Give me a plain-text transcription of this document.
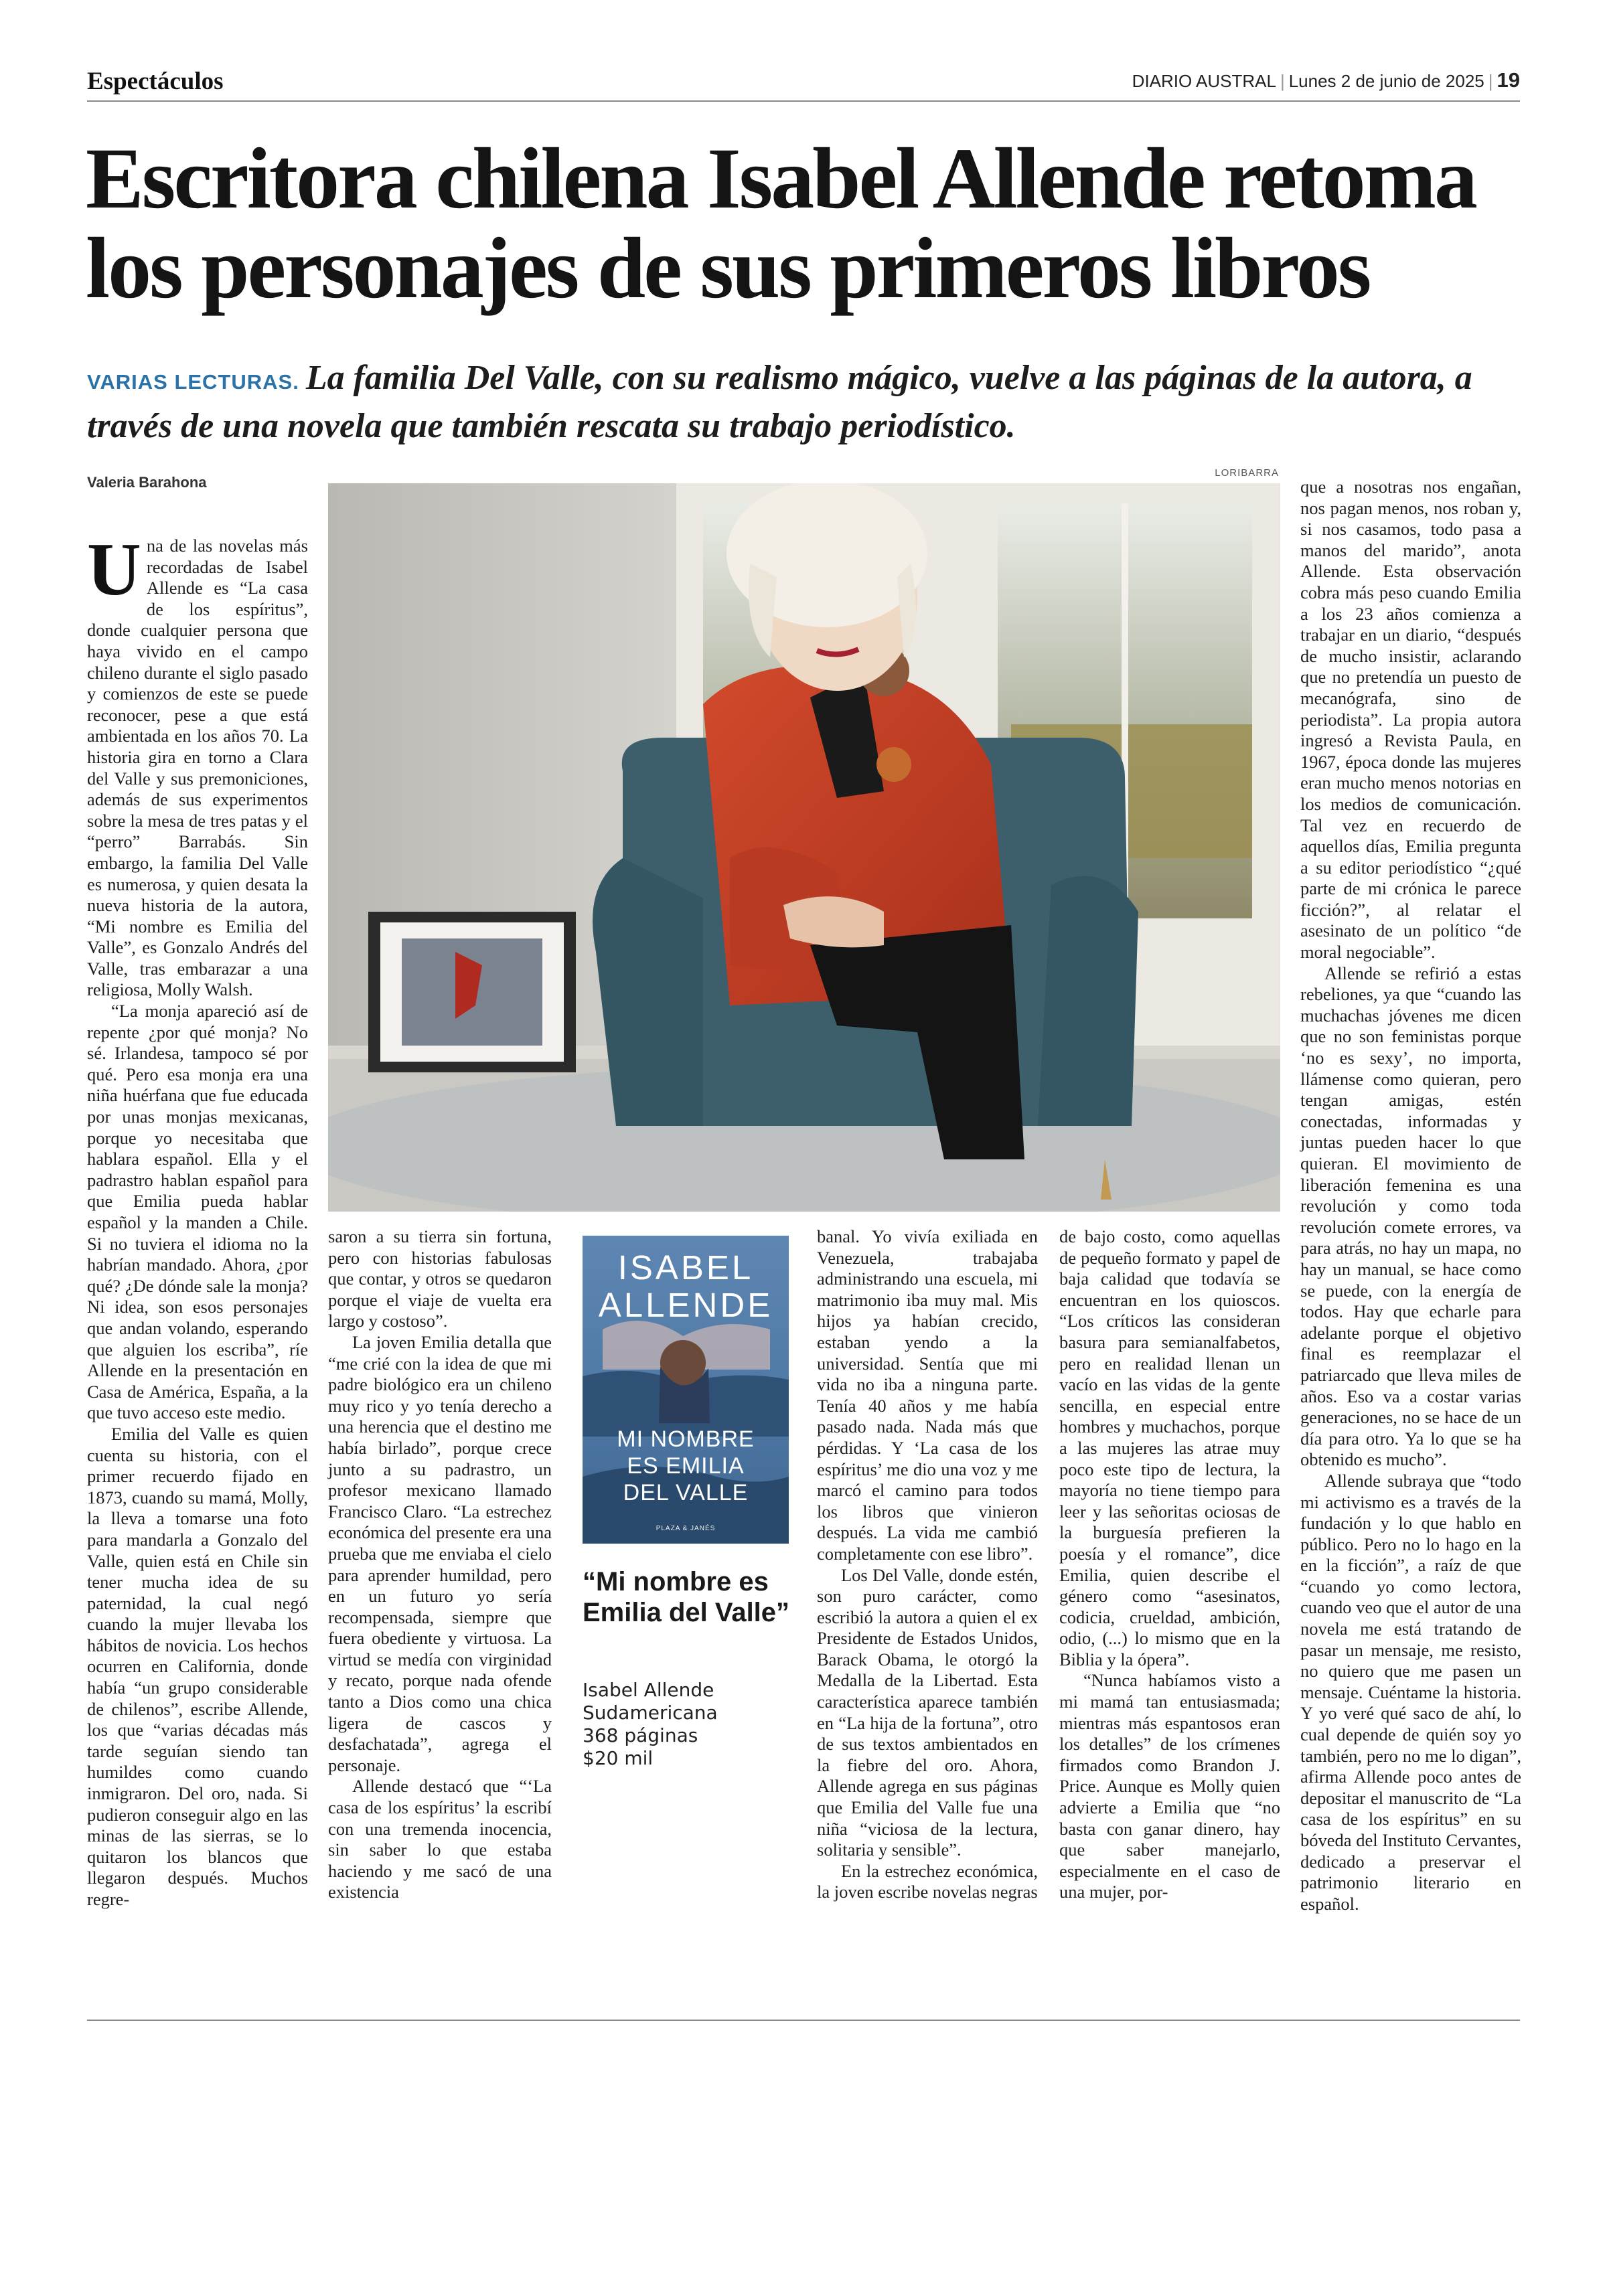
Espectáculos	DIARIO AUSTRAL | Lunes 2 de junio de 2025 | 19
Escritora chilena Isabel Allende retoma
los personajes de sus primeros libros
VARIAS LECTURAS. La familia Del Valle, con su realismo mágico, vuelve a las páginas de la autora, a través de una novela que también rescata su trabajo periodístico.
Valeria Barahona
LORIBARRA

Una de las novelas más recordadas de Isabel Allende es “La casa de los espíritus”, donde cualquier persona que haya vivido en el campo chileno durante el siglo pasado y comienzos de este se puede reconocer, pese a que está ambientada en los años 70. La historia gira en torno a Clara del Valle y sus premoniciones, además de sus experimentos sobre la mesa de tres patas y el “perro” Barrabás. Sin embargo, la familia Del Valle es numerosa, y quien desata la nueva historia de la autora, “Mi nombre es Emilia del Valle”, es Gonzalo Andrés del Valle, tras embarazar a una religiosa, Molly Walsh.

“La monja apareció así de repente ¿por qué monja? No sé. Irlandesa, tampoco sé por qué. Pero esa monja era una niña huérfana que fue educada por unas monjas mexicanas, porque yo necesitaba que hablara español. Ella y el padrastro hablan español para que Emilia pueda hablar español y la manden a Chile. Si no tuviera el idioma no la habrían mandado. Ahora, ¿por qué? ¿De dónde sale la monja? Ni idea, son esos personajes que andan volando, esperando que alguien los escriba”, ríe Allende en la presentación en Casa de América, España, a la que tuvo acceso este medio.

Emilia del Valle es quien cuenta su historia, con el primer recuerdo fijado en 1873, cuando su mamá, Molly, la lleva a tomarse una foto para mandarla a Gonzalo del Valle, quien está en Chile sin tener mucha idea de su paternidad, la cual negó cuando la mujer llevaba los hábitos de novicia. Los hechos ocurren en California, donde había “un grupo considerable de chilenos”, escribe Allende, los que “varias décadas más tarde seguían siendo tan humildes como cuando inmigraron. Del oro, nada. Si pudieron conseguir algo en las minas de las sierras, se lo quitaron los blancos que llegaron después. Muchos regre-

saron a su tierra sin fortuna, pero con historias fabulosas que contar, y otros se quedaron porque el viaje de vuelta era largo y costoso”.

La joven Emilia detalla que “me crié con la idea de que mi padre biológico era un chileno muy rico y yo tenía derecho a una herencia que el destino me había birlado”, porque crece junto a su padrastro, un profesor mexicano llamado Francisco Claro. “La estrechez económica del presente era una prueba que me enviaba el cielo para aprender humildad, pero en un futuro yo sería recompensada, siempre que fuera obediente y virtuosa. La virtud se medía con virginidad y recato, porque nada ofende tanto a Dios como una chica ligera de cascos y desfachatada”, agrega el personaje.

Allende destacó que “‘La casa de los espíritus’ la escribí con una tremenda inocencia, sin saber lo que estaba haciendo y me sacó de una existencia

ISABEL
ALLENDE
MI NOMBRE
ES EMILIA
DEL VALLE
PLAZA & JANÉS
“Mi nombre es Emilia del Valle”
Isabel Allende
Sudamericana
368 páginas
$20 mil

banal. Yo vivía exiliada en Venezuela, trabajaba administrando una escuela, mi matrimonio iba muy mal. Mis hijos ya habían crecido, estaban yendo a la universidad. Sentía que mi vida no iba a ninguna parte. Tenía 40 años y me había pasado nada. Nada más que pérdidas. Y ‘La casa de los espíritus’ me dio una voz y me marcó el camino para todos los libros que vinieron después. La vida me cambió completamente con ese libro”.

Los Del Valle, donde estén, son puro carácter, como escribió la autora a quien el ex Presidente de Estados Unidos, Barack Obama, le otorgó la Medalla de la Libertad. Esta característica aparece también en “La hija de la fortuna”, otro de sus textos ambientados en la fiebre del oro. Ahora, Allende agrega en sus páginas que Emilia del Valle fue una niña “viciosa de la lectura, solitaria y sensible”.

En la estrechez económica, la joven escribe novelas negras

de bajo costo, como aquellas de pequeño formato y papel de baja calidad que todavía se encuentran en los quioscos. “Los críticos las consideran basura para semianalfabetos, pero en realidad llenan un vacío en las vidas de la gente sencilla, en especial entre hombres y muchachos, porque a las mujeres las atrae muy poco este tipo de lectura, la mayoría no tiene tiempo para leer y las señoritas ociosas de la burguesía prefieren la poesía y el romance”, dice Emilia, quien describe el género como “asesinatos, codicia, crueldad, ambición, odio, (...) lo mismo que en la Biblia y la ópera”.

“Nunca habíamos visto a mi mamá tan entusiasmada; mientras más espantosos eran los detalles” de los crímenes firmados como Brandon J. Price. Aunque es Molly quien advierte a Emilia que “no basta con ganar dinero, hay que saber manejarlo, especialmente en el caso de una mujer, por-

que a nosotras nos engañan, nos pagan menos, nos roban y, si nos casamos, todo pasa a manos del marido”, anota Allende. Esta observación cobra más peso cuando Emilia a los 23 años comienza a trabajar en un diario, “después de mucho insistir, aclarando que no pretendía un puesto de mecanógrafa, sino de periodista”. La propia autora ingresó a Revista Paula, en 1967, época donde las mujeres eran mucho menos notorias en los medios de comunicación. Tal vez en recuerdo de aquellos días, Emilia pregunta a su editor periodístico “¿qué parte de mi crónica le parece ficción?”, al relatar el asesinato de un político “de moral negociable”.

Allende se refirió a estas rebeliones, ya que “cuando las muchachas jóvenes me dicen que no son feministas porque ‘no es sexy’, no importa, llámense como quieran, pero tengan amigas, estén conectadas, informadas y juntas pueden hacer lo que quieran. El movimiento de liberación femenina es una revolución y como toda revolución comete errores, va para atrás, no hay un mapa, no hay un manual, se hace como se puede, con la energía de todos. Hay que echarle para adelante porque el objetivo final es reemplazar el patriarcado que lleva miles de años. Eso va a costar varias generaciones, no se hace de un día para otro. Ya lo que se ha obtenido es mucho”.

Allende subraya que “todo mi activismo es a través de la fundación y lo que hablo en público. Pero no lo hago en la en la ficción”, a raíz de que “cuando yo como lectora, cuando veo que el autor de una novela me está tratando de pasar un mensaje, me resisto, no quiero que me pasen un mensaje. Cuéntame la historia. Y yo veré qué saco de ahí, lo cual depende de quién soy yo también, pero no me lo digan”, afirma Allende poco antes de depositar el manuscrito de “La casa de los espíritus” en su bóveda del Instituto Cervantes, dedicado a preservar el patrimonio literario en español.
